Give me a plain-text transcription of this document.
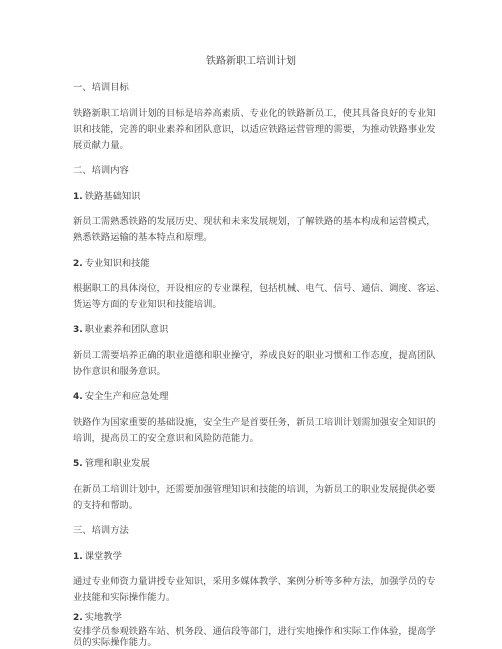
铁路新职工培训计划
一、培训目标
铁路新职工培训计划的目标是培养高素质、专业化的铁路新员工，使其具备良好的专业知
识和技能，完善的职业素养和团队意识，以适应铁路运营管理的需要，为推动铁路事业发
展贡献力量。
二、培训内容
1. 铁路基础知识
新员工需熟悉铁路的发展历史、现状和未来发展规划，了解铁路的基本构成和运营模式，
熟悉铁路运输的基本特点和原理。
2. 专业知识和技能
根据职工的具体岗位，开设相应的专业课程，包括机械、电气、信号、通信、调度、客运、
货运等方面的专业知识和技能培训。
3. 职业素养和团队意识
新员工需要培养正确的职业道德和职业操守，养成良好的职业习惯和工作态度，提高团队
协作意识和服务意识。
4. 安全生产和应急处理
铁路作为国家重要的基础设施，安全生产是首要任务，新员工培训计划需加强安全知识的
培训，提高员工的安全意识和风险防范能力。
5. 管理和职业发展
在新员工培训计划中，还需要加强管理知识和技能的培训，为新员工的职业发展提供必要
的支持和帮助。
三、培训方法
1. 课堂教学
通过专业师资力量讲授专业知识，采用多媒体教学、案例分析等多种方法，加强学员的专
业技能和实际操作能力。
2. 实地教学
安排学员参观铁路车站、机务段、通信段等部门，进行实地操作和实际工作体验，提高学
员的实际操作能力。
